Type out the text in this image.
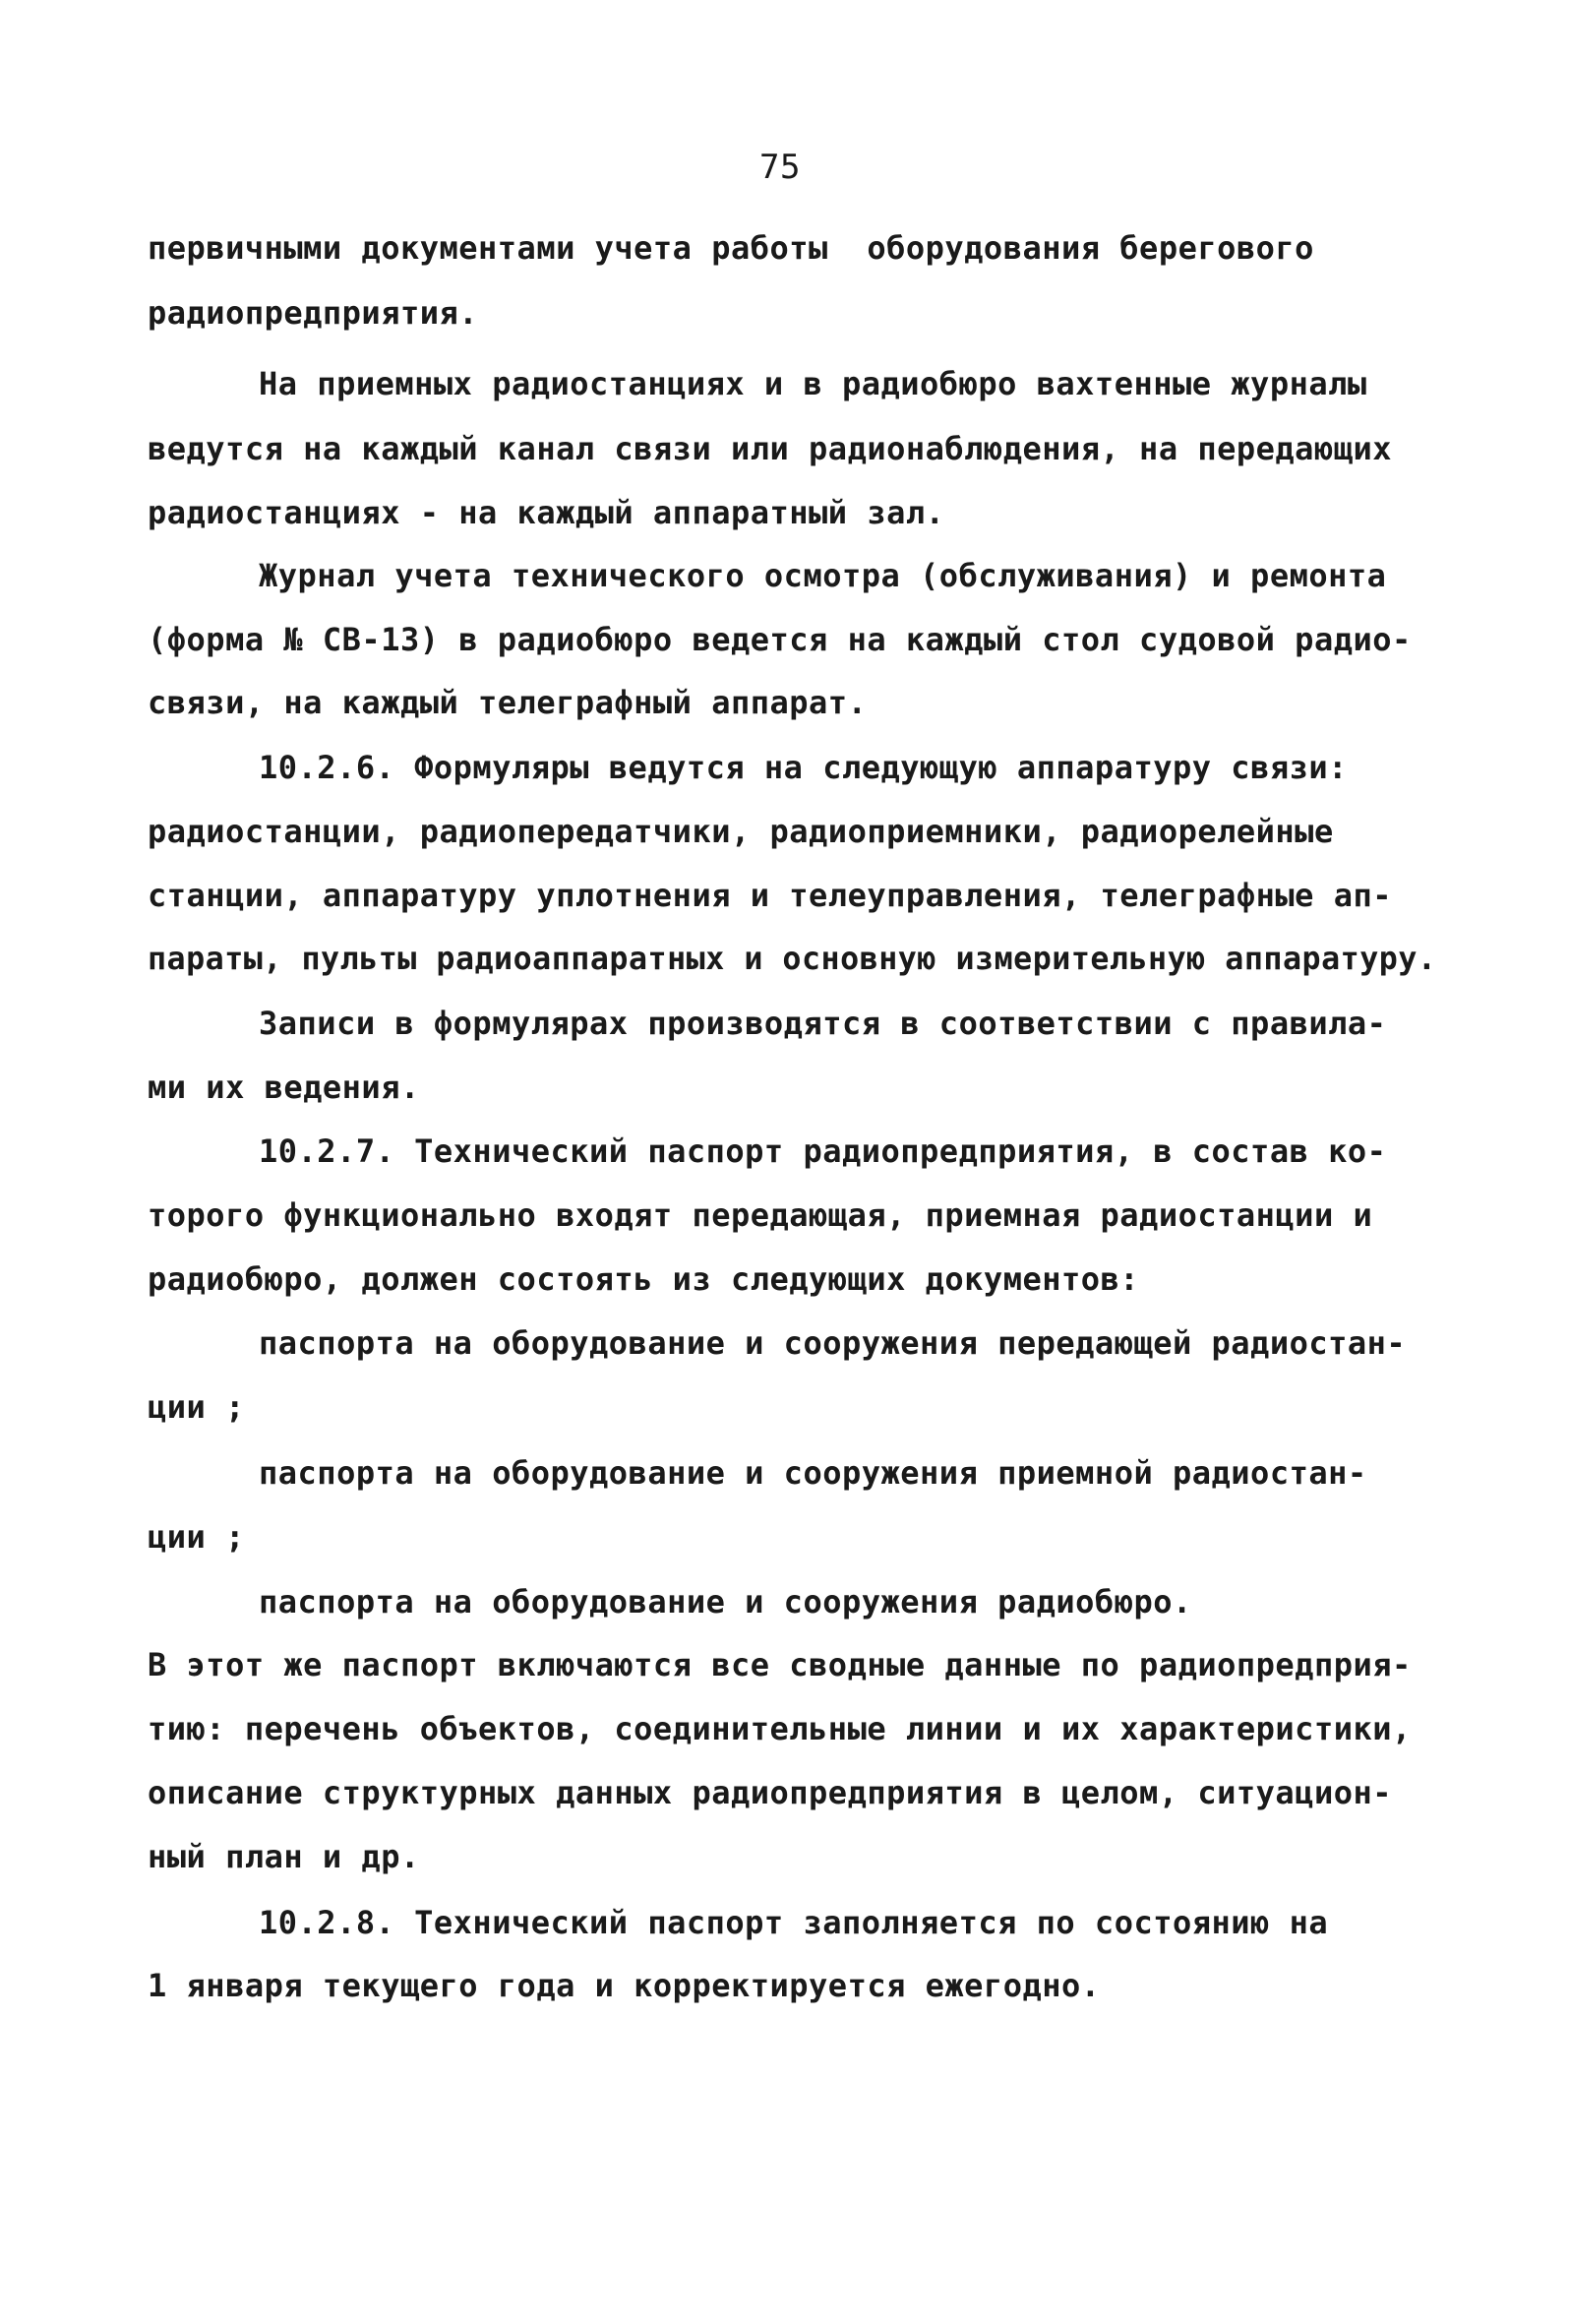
75
первичными документами учета работы  оборудования берегового
радиопредприятия.
На приемных радиостанциях и в радиобюро вахтенные журналы
ведутся на каждый канал связи или радионаблюдения, на передающих
радиостанциях - на каждый аппаратный зал.
Журнал учета технического осмотра (обслуживания) и ремонта
(форма № СВ-13) в радиобюро ведется на каждый стол судовой радио-
связи, на каждый телеграфный аппарат.
10.2.6. Формуляры ведутся на следующую аппаратуру связи:
радиостанции, радиопередатчики, радиоприемники, радиорелейные
станции, аппаратуру уплотнения и телеуправления, телеграфные ап-
параты, пульты радиоаппаратных и основную измерительную аппаратуру.
Записи в формулярах производятся в соответствии с правила-
ми их ведения.
10.2.7. Технический паспорт радиопредприятия, в состав ко-
торого функционально входят передающая, приемная радиостанции и
радиобюро, должен состоять из следующих документов:
паспорта на оборудование и сооружения передающей радиостан-
ции ;
паспорта на оборудование и сооружения приемной радиостан-
ции ;
паспорта на оборудование и сооружения радиобюро.
В этот же паспорт включаются все сводные данные по радиопредприя-
тию: перечень объектов, соединительные линии и их характеристики,
описание структурных данных радиопредприятия в целом, ситуацион-
ный план и др.
10.2.8. Технический паспорт заполняется по состоянию на
1 января текущего года и корректируется ежегодно.
